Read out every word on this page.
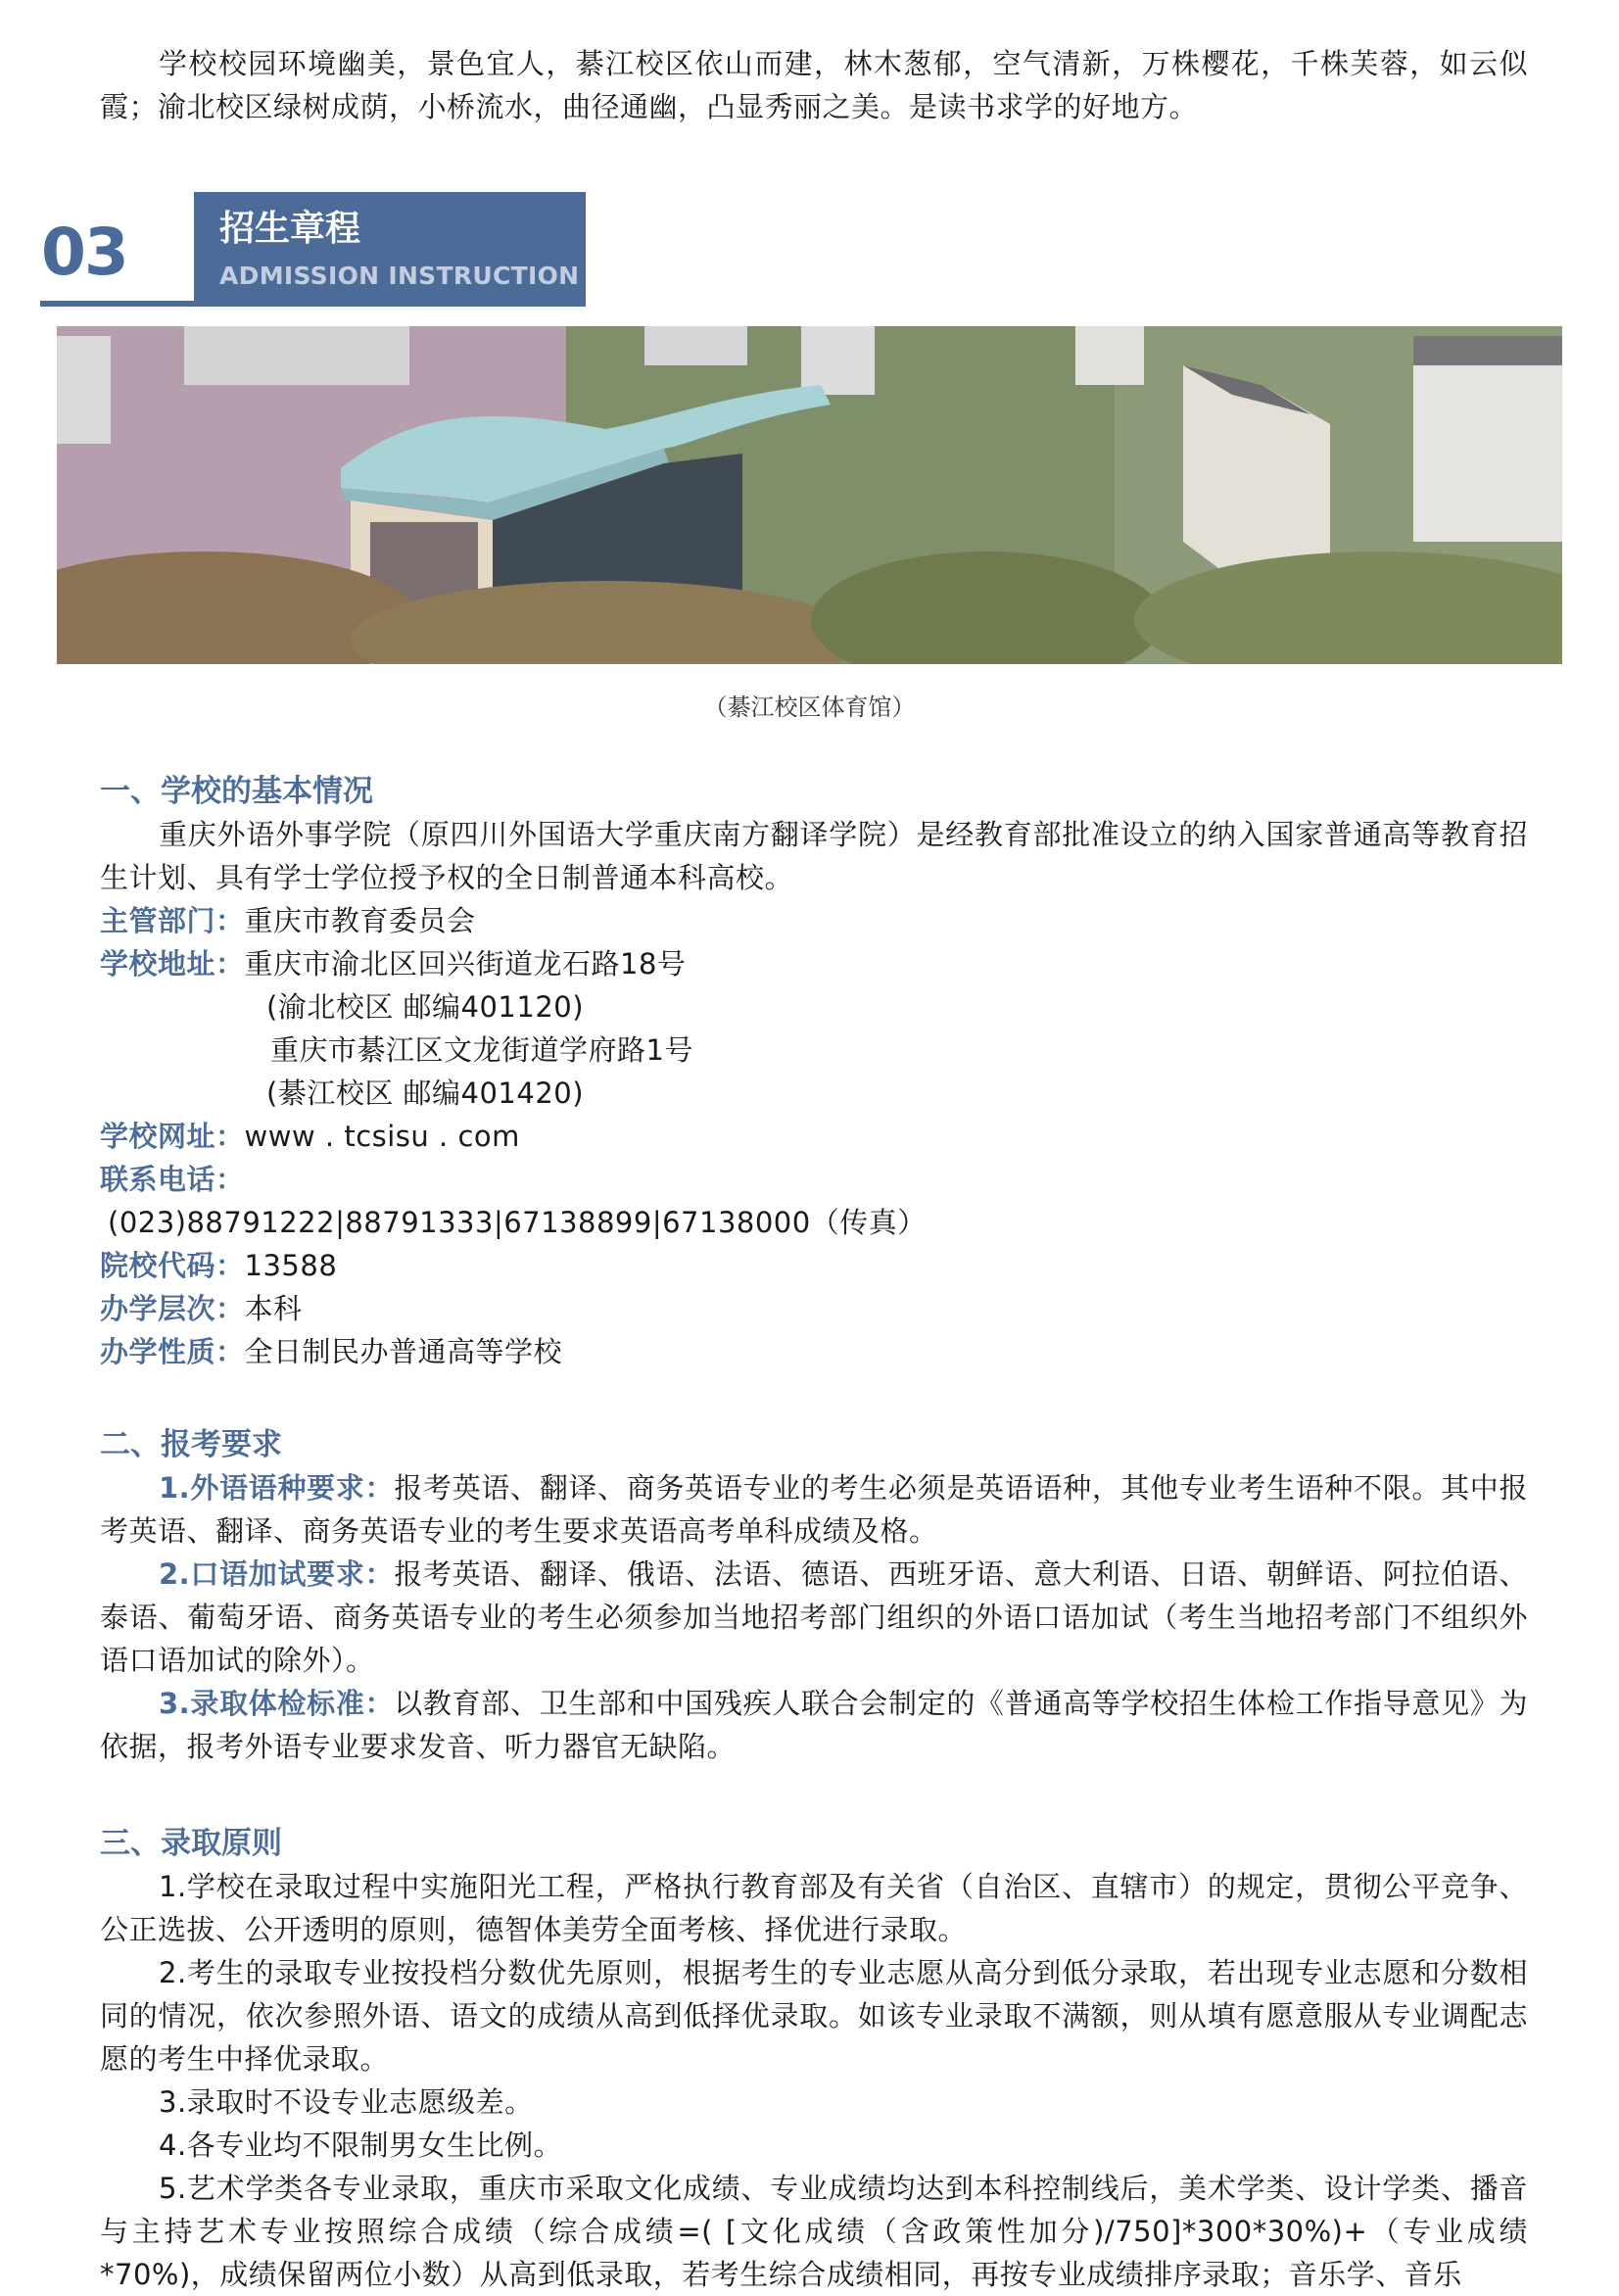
学校校园环境幽美，景色宜人，綦江校区依山而建，林木葱郁，空气清新，万株樱花，千株芙蓉，如云似霞；渝北校区绿树成荫，小桥流水，曲径通幽，凸显秀丽之美。是读书求学的好地方。

03	招生章程
ADMISSION INSTRUCTION
（綦江校区体育馆）
一、学校的基本情况

重庆外语外事学院（原四川外国语大学重庆南方翻译学院）是经教育部批准设立的纳入国家普通高等教育招生计划、具有学士学位授予权的全日制普通本科高校。

主管部门：重庆市教育委员会

学校地址：重庆市渝北区回兴街道龙石路18号

(渝北校区 邮编401120)

重庆市綦江区文龙街道学府路1号

(綦江校区 邮编401420)

学校网址：www . tcsisu . com

联系电话：

(023)88791222|88791333|67138899|67138000（传真）

院校代码：13588

办学层次：本科

办学性质：全日制民办普通高等学校

二、报考要求

1.外语语种要求：报考英语、翻译、商务英语专业的考生必须是英语语种，其他专业考生语种不限。其中报考英语、翻译、商务英语专业的考生要求英语高考单科成绩及格。

2.口语加试要求：报考英语、翻译、俄语、法语、德语、西班牙语、意大利语、日语、朝鲜语、阿拉伯语、泰语、葡萄牙语、商务英语专业的考生必须参加当地招考部门组织的外语口语加试（考生当地招考部门不组织外语口语加试的除外）。

3.录取体检标准：以教育部、卫生部和中国残疾人联合会制定的《普通高等学校招生体检工作指导意见》为依据，报考外语专业要求发音、听力器官无缺陷。

三、录取原则

1.学校在录取过程中实施阳光工程，严格执行教育部及有关省（自治区、直辖市）的规定，贯彻公平竞争、公正选拔、公开透明的原则，德智体美劳全面考核、择优进行录取。

2.考生的录取专业按投档分数优先原则，根据考生的专业志愿从高分到低分录取，若出现专业志愿和分数相同的情况，依次参照外语、语文的成绩从高到低择优录取。如该专业录取不满额，则从填有愿意服从专业调配志愿的考生中择优录取。

3.录取时不设专业志愿级差。

4.各专业均不限制男女生比例。

5.艺术学类各专业录取，重庆市采取文化成绩、专业成绩均达到本科控制线后，美术学类、设计学类、播音与主持艺术专业按照综合成绩（综合成绩=( [文化成绩（含政策性加分)/750]*300*30%)+（专业成绩*70%)，成绩保留两位小数）从高到低录取，若考生综合成绩相同，再按专业成绩排序录取；音乐学、音乐
